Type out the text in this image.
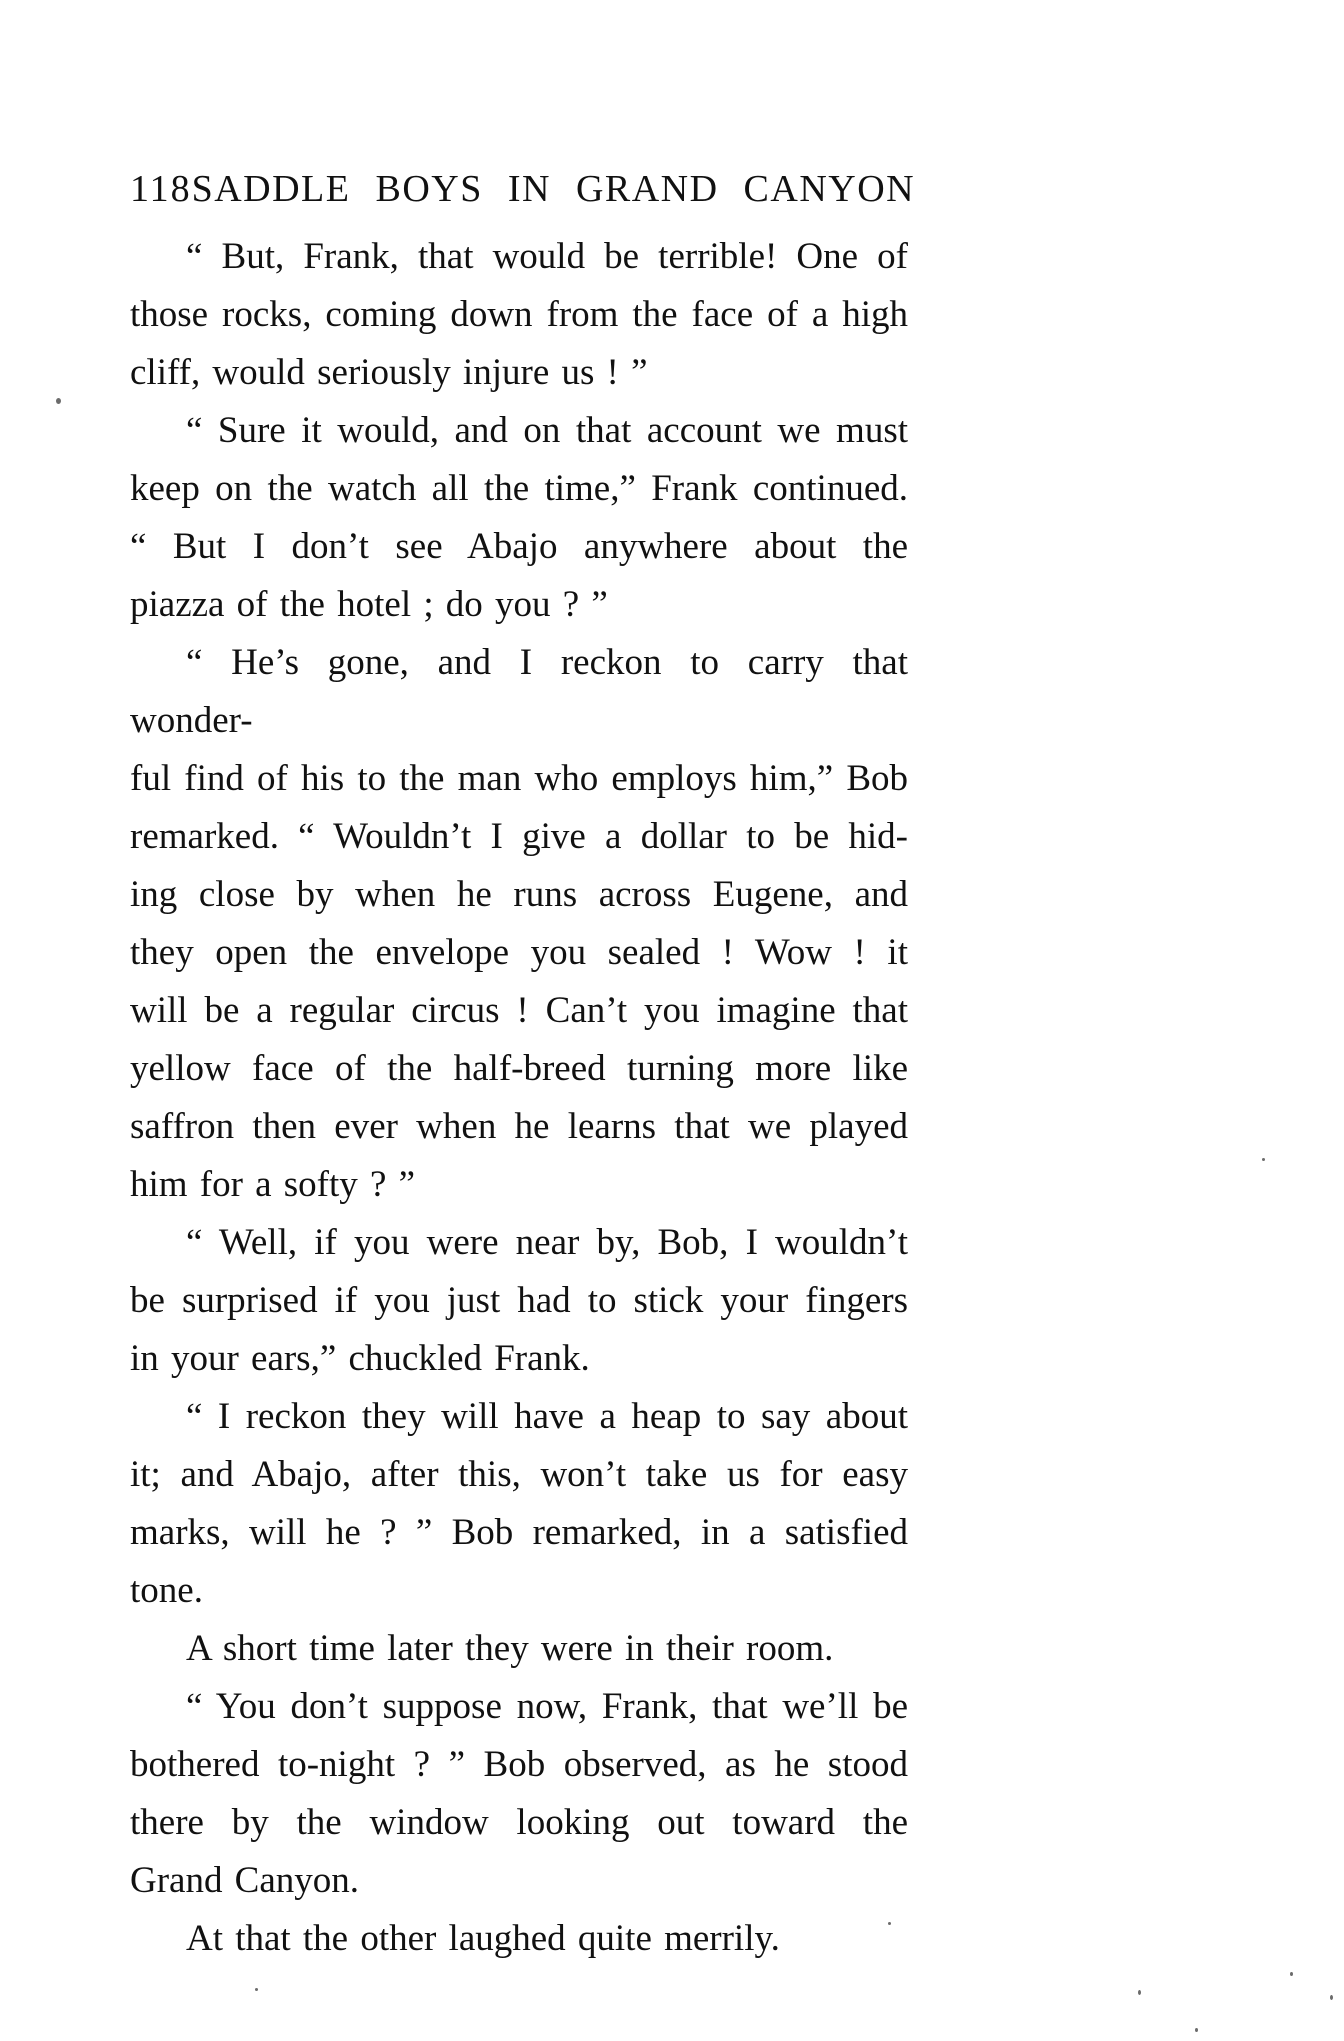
118 SADDLE BOYS IN GRAND CANYON
“ But, Frank, that would be terrible! One of
those rocks, coming down from the face of a high
cliff, would seriously injure us ! ”
“ Sure it would, and on that account we must
keep on the watch all the time,” Frank continued.
“ But I don’t see Abajo anywhere about the
piazza of the hotel ; do you ? ”
“ He’s gone, and I reckon to carry that wonder-
ful find of his to the man who employs him,” Bob
remarked. “ Wouldn’t I give a dollar to be hid-
ing close by when he runs across Eugene, and
they open the envelope you sealed ! Wow ! it
will be a regular circus ! Can’t you imagine that
yellow face of the half-breed turning more like
saffron then ever when he learns that we played
him for a softy ? ”
“ Well, if you were near by, Bob, I wouldn’t
be surprised if you just had to stick your fingers
in your ears,” chuckled Frank.
“ I reckon they will have a heap to say about
it; and Abajo, after this, won’t take us for easy
marks, will he ? ” Bob remarked, in a satisfied
tone.
A short time later they were in their room.
“ You don’t suppose now, Frank, that we’ll be
bothered to-night ? ” Bob observed, as he stood
there by the window looking out toward the
Grand Canyon.
At that the other laughed quite merrily.
